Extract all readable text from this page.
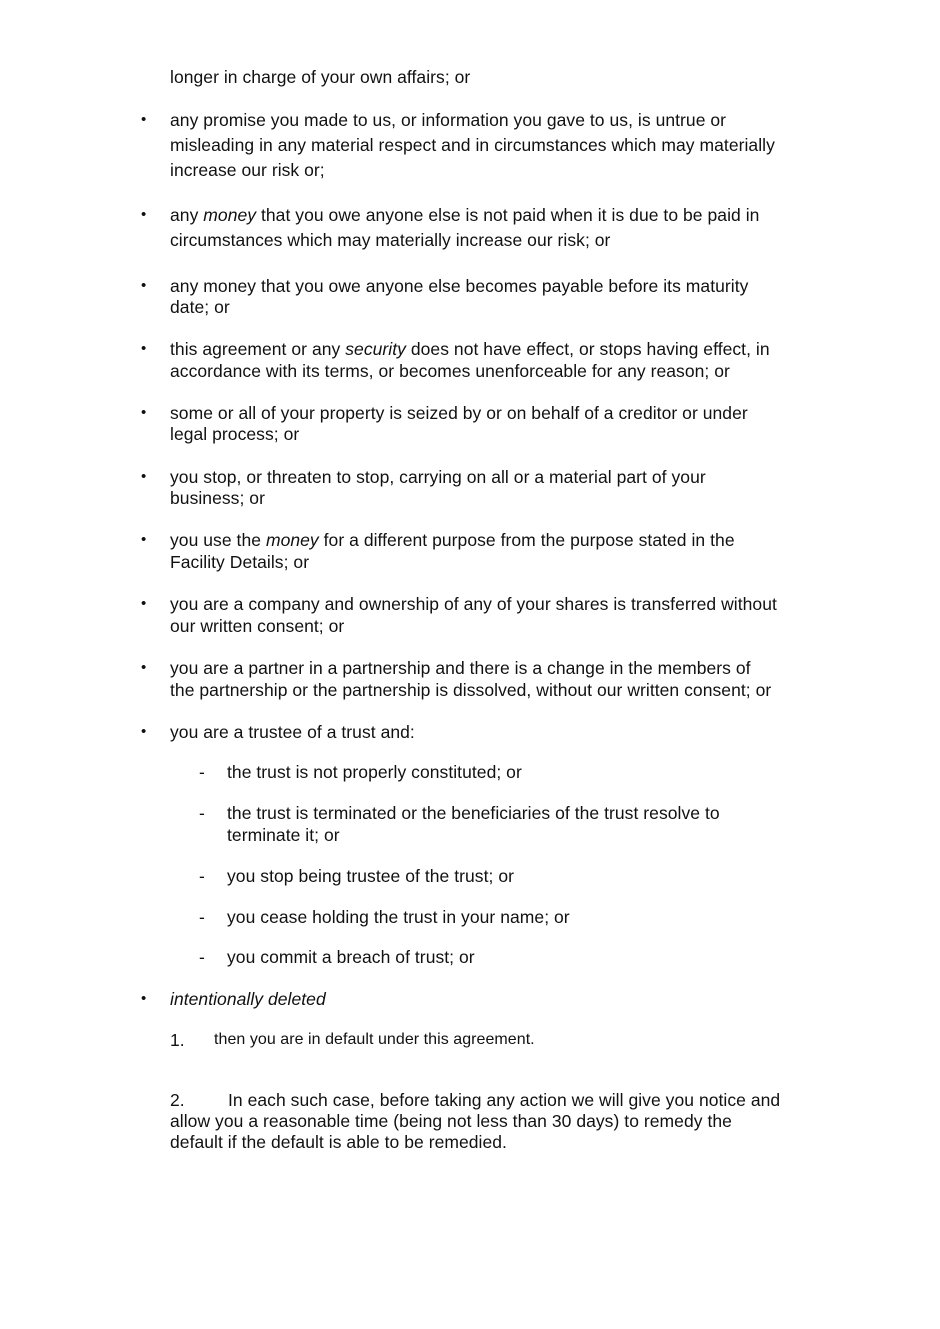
longer in charge of your own affairs; or
• any promise you made to us, or information you gave to us, is untrue or
misleading in any material respect and in circumstances which may materially
increase our risk or;
• any money that you owe anyone else is not paid when it is due to be paid in
circumstances which may materially increase our risk; or
• any money that you owe anyone else becomes payable before its maturity
date; or
• this agreement or any security does not have effect, or stops having effect, in
accordance with its terms, or becomes unenforceable for any reason; or
• some or all of your property is seized by or on behalf of a creditor or under
legal process; or
• you stop, or threaten to stop, carrying on all or a material part of your
business; or
• you use the money for a different purpose from the purpose stated in the
Facility Details; or
• you are a company and ownership of any of your shares is transferred without
our written consent; or
• you are a partner in a partnership and there is a change in the members of
the partnership or the partnership is dissolved, without our written consent; or
• you are a trustee of a trust and:
- the trust is not properly constituted; or
- the trust is terminated or the beneficiaries of the trust resolve to
terminate it; or
- you stop being trustee of the trust; or
- you cease holding the trust in your name; or
- you commit a breach of trust; or
• intentionally deleted
1. then you are in default under this agreement.
2. In each such case, before taking any action we will give you notice and
allow you a reasonable time (being not less than 30 days) to remedy the
default if the default is able to be remedied.
